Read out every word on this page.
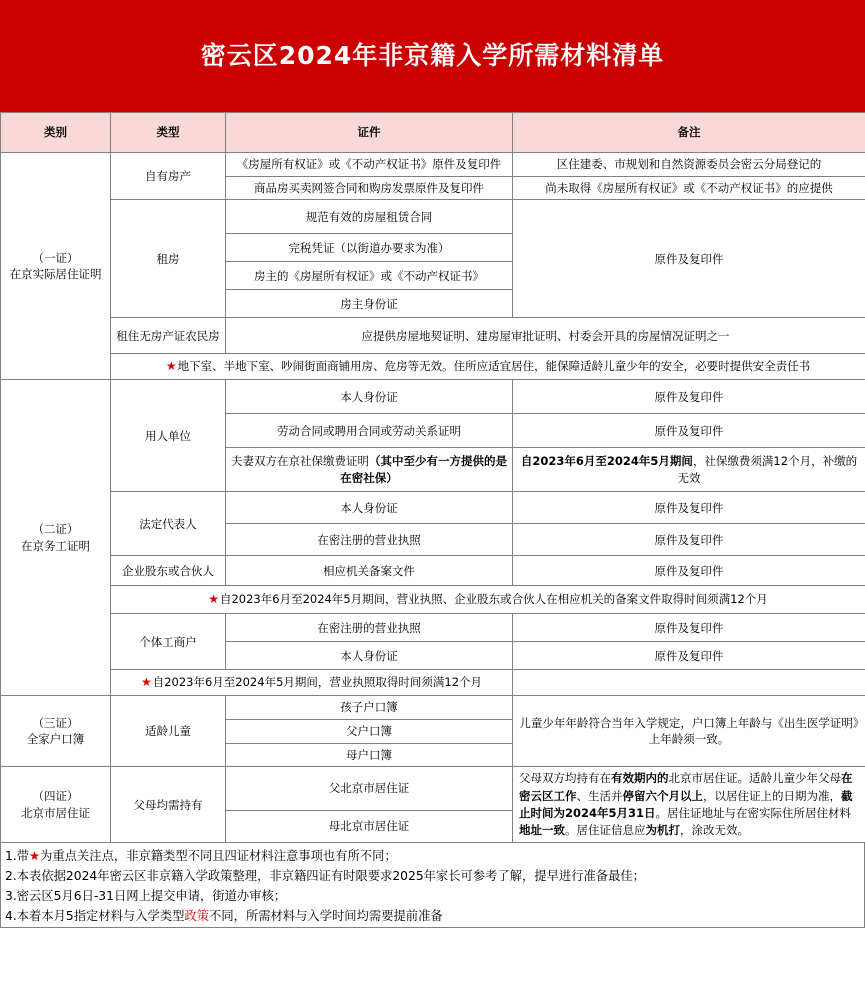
密云区2024年非京籍入学所需材料清单
类别	类型	证件	备注

（一证）
在京实际居住证明	自有房产	《房屋所有权证》或《不动产权证书》原件及复印件	区住建委、市规划和自然资源委员会密云分局登记的
		商品房买卖网签合同和购房发票原件及复印件	尚未取得《房屋所有权证》或《不动产权证书》的应提供
	租房	规范有效的房屋租赁合同	原件及复印件
		完税凭证（以街道办要求为准）	
		房主的《房屋所有权证》或《不动产权证书》	
		房主身份证	
	租住无房产证农民房	应提供房屋地契证明、建房屋审批证明、村委会开具的房屋情况证明之一	
	★地下室、半地下室、吵闹街面商铺用房、危房等无效。住所应适宜居住，能保障适龄儿童少年的安全，必要时提供安全责任书		

（二证）
在京务工证明	用人单位	本人身份证	原件及复印件
		劳动合同或聘用合同或劳动关系证明	原件及复印件
		夫妻双方在京社保缴费证明（其中至少有一方提供的是在密社保）	自2023年6月至2024年5月期间，社保缴费须满12个月，补缴的无效
	法定代表人	本人身份证	原件及复印件
		在密注册的营业执照	原件及复印件
	企业股东或合伙人	相应机关备案文件	原件及复印件
	★自2023年6月至2024年5月期间，营业执照、企业股东或合伙人在相应机关的备案文件取得时间须满12个月		
	个体工商户	在密注册的营业执照	原件及复印件
		本人身份证	原件及复印件
	★自2023年6月至2024年5月期间，营业执照取得时间须满12个月		

（三证）
全家户口簿	适龄儿童	孩子户口簿	儿童少年年龄符合当年入学规定，户口簿上年龄与《出生医学证明》上年龄须一致。
		父户口簿	
		母户口簿	

（四证）
北京市居住证	父母均需持有	父北京市居住证	父母双方均持有在有效期内的北京市居住证。适龄儿童少年父母在密云区工作、生活并停留六个月以上，以居住证上的日期为准，截止时间为2024年5月31日。居住证地址与在密实际住所居住材料地址一致。居住证信息应为机打，涂改无效。
		母北京市居住证	
1.带★为重点关注点，非京籍类型不同且四证材料注意事项也有所不同；
2.本表依据2024年密云区非京籍入学政策整理，非京籍四证有时限要求2025年家长可参考了解，提早进行准备最佳；
3.密云区5月6日-31日网上提交申请，街道办审核；
4.本着本月5指定材料与入学类型政策不同，所需材料与入学时间均需要提前准备
